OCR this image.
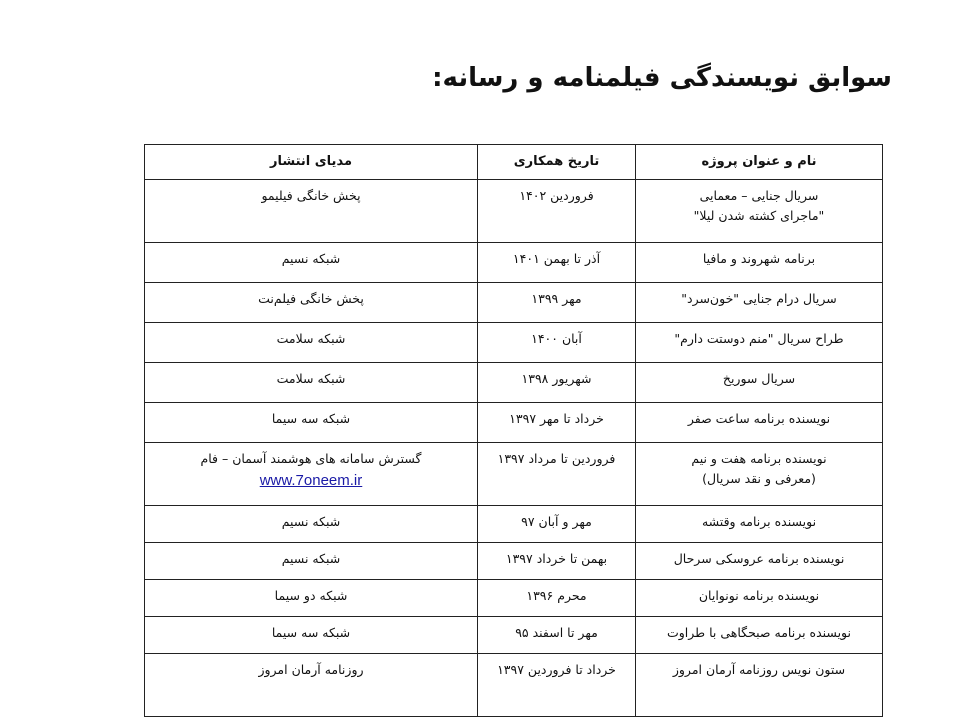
سوابق نویسندگی فیلمنامه و رسانه:
نام و عنوان پروژه	تاریخ همکاری	مدیای انتشار

سریال جنایی – معمایی
"ماجرای کشته شدن لیلا"	فروردین ۱۴۰۲	پخش خانگی فیلیمو

برنامه شهروند و مافیا	آذر تا بهمن ۱۴۰۱	شبکه نسیم

سریال درام جنایی "خون‌سرد"	مهر ۱۳۹۹	پخش خانگی فیلم‌نت

طراح سریال "منم دوستت دارم"	آبان ۱۴۰۰	شبکه سلامت

سریال سوریخ	شهریور ۱۳۹۸	شبکه سلامت

نویسنده برنامه ساعت صفر	خرداد تا مهر ۱۳۹۷	شبکه سه سیما

نویسنده برنامه هفت و نیم
(معرفی و نقد سریال)	فروردین تا مرداد ۱۳۹۷	گسترش سامانه های هوشمند آسمان – فام
www.7oneem.ir

نویسنده برنامه وقتشه	مهر و آبان ۹۷	شبکه نسیم

نویسنده برنامه عروسکی سرحال	بهمن تا خرداد ۱۳۹۷	شبکه نسیم

نویسنده برنامه نونوایان	محرم ۱۳۹۶	شبکه دو سیما

نویسنده برنامه صبحگاهی با طراوت	مهر تا اسفند ۹۵	شبکه سه سیما

ستون نویس روزنامه آرمان امروز	خرداد تا فروردین ۱۳۹۷	روزنامه آرمان امروز
